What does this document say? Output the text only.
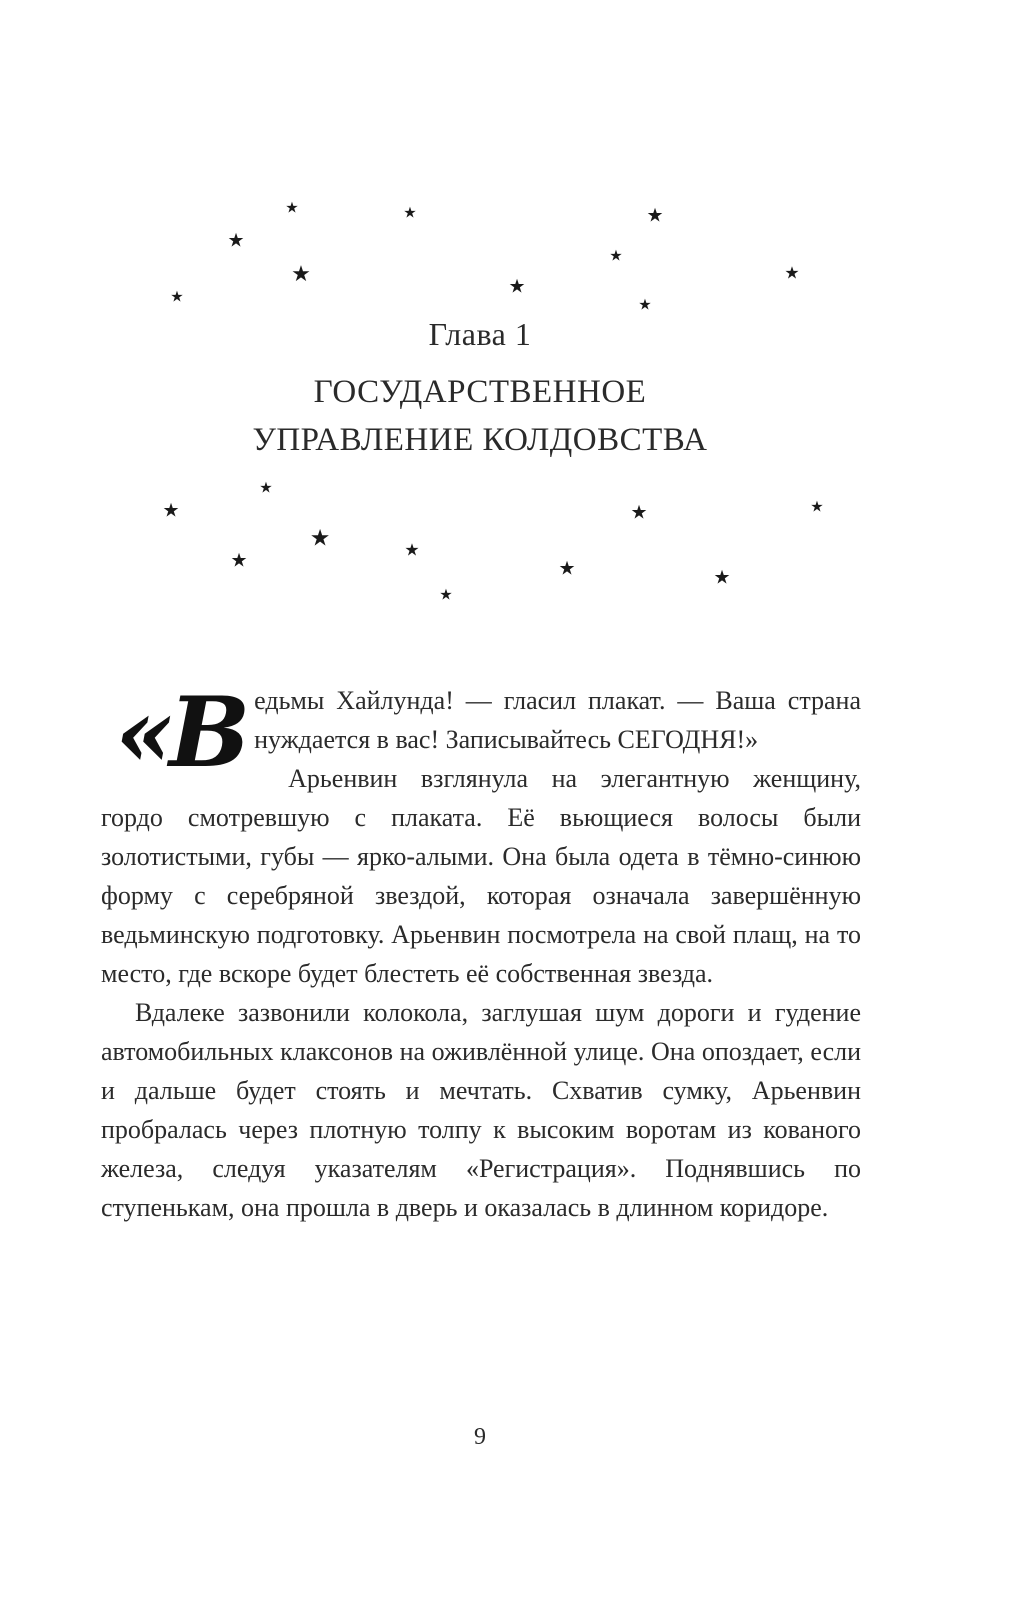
★	★
★
★
★
★
★
★
★	★
Глава 1
ГОСУДАРСТВЕННОЕ
УПРАВЛЕНИЕ КОЛДОВСТВА
★
★	★	★
★	★
★	★	★
★

«Ведьмы Хайлунда! — гласил плакат. — Ваша страна нуждается в вас! Записывайтесь СЕГОДНЯ!»

Арьенвин взглянула на элегантную женщину, гордо смотревшую с плаката. Её вьющиеся волосы были золотистыми, губы — ярко-алыми. Она была одета в тёмно-синюю форму с серебряной звездой, которая означала завершённую ведьминскую подготовку. Арьенвин посмотрела на свой плащ, на то место, где вскоре будет блестеть её собственная звезда.

Вдалеке зазвонили колокола, заглушая шум дороги и гудение автомобильных клаксонов на оживлённой улице. Она опоздает, если и дальше будет стоять и мечтать. Схватив сумку, Арьенвин пробралась через плотную толпу к высоким воротам из кованого железа, следуя указателям «Регистрация». Поднявшись по ступенькам, она прошла в дверь и оказалась в длинном коридоре.

9
